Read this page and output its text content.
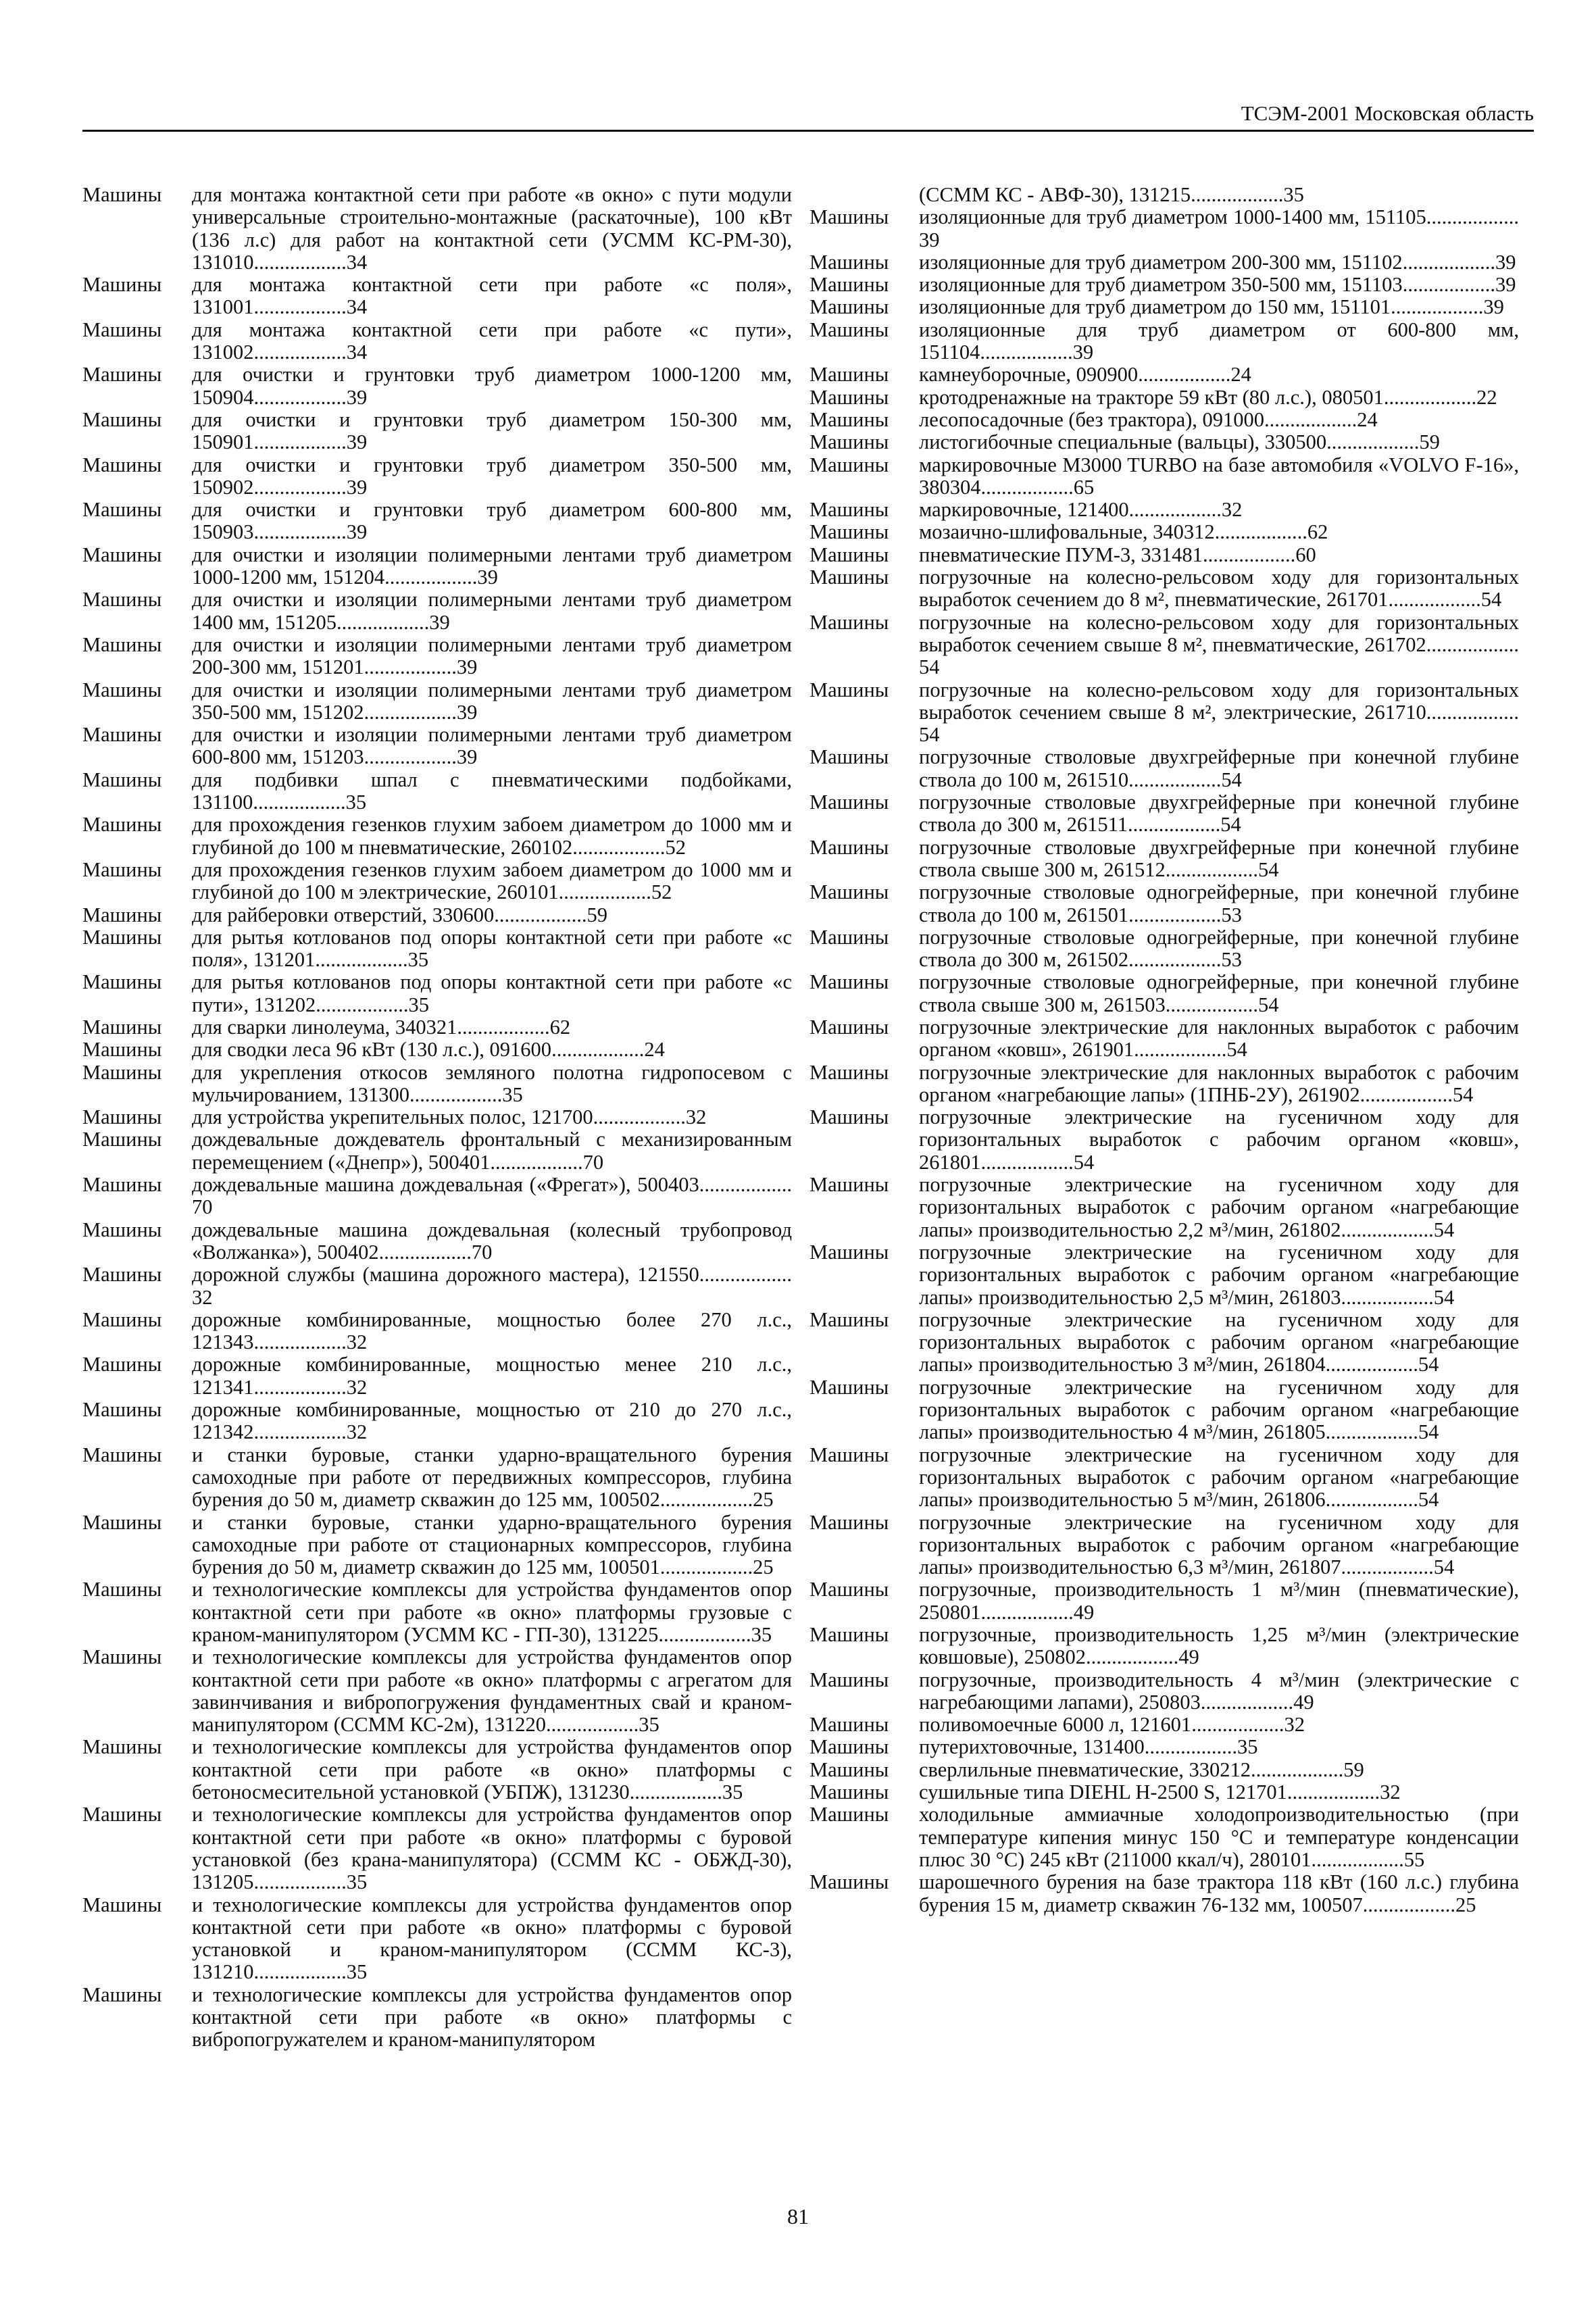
ТСЭМ-2001 Московская область
Машины для монтажа контактной сети при работе «в окно» с пути модули универсальные строительно-монтажные (раскаточные), 100 кВт (136 л.с) для работ на контактной сети (УСММ КС-РМ-30), 131010..................34
Машины для монтажа контактной сети при работе «с поля», 131001..................34
Машины для монтажа контактной сети при работе «с пути», 131002..................34
Машины для очистки и грунтовки труб диаметром 1000-1200 мм, 150904..................39
Машины для очистки и грунтовки труб диаметром 150-300 мм, 150901..................39
Машины для очистки и грунтовки труб диаметром 350-500 мм, 150902..................39
Машины для очистки и грунтовки труб диаметром 600-800 мм, 150903..................39
Машины для очистки и изоляции полимерными лентами труб диаметром 1000-1200 мм, 151204..................39
Машины для очистки и изоляции полимерными лентами труб диаметром 1400 мм, 151205..................39
Машины для очистки и изоляции полимерными лентами труб диаметром 200-300 мм, 151201..................39
Машины для очистки и изоляции полимерными лентами труб диаметром 350-500 мм, 151202..................39
Машины для очистки и изоляции полимерными лентами труб диаметром 600-800 мм, 151203..................39
Машины для подбивки шпал с пневматическими подбойками, 131100..................35
Машины для прохождения гезенков глухим забоем диаметром до 1000 мм и глубиной до 100 м пневматические, 260102..................52
Машины для прохождения гезенков глухим забоем диаметром до 1000 мм и глубиной до 100 м электрические, 260101..................52
Машины для райберовки отверстий, 330600..................59
Машины для рытья котлованов под опоры контактной сети при работе «с поля», 131201..................35
Машины для рытья котлованов под опоры контактной сети при работе «с пути», 131202..................35
Машины для сварки линолеума, 340321..................62
Машины для сводки леса 96 кВт (130 л.с.), 091600..................24
Машины для укрепления откосов земляного полотна гидропосевом с мульчированием, 131300..................35
Машины для устройства укрепительных полос, 121700..................32
Машины дождевальные дождеватель фронтальный с механизированным перемещением («Днепр»), 500401..................70
Машины дождевальные машина дождевальная («Фрегат»), 500403..................70
Машины дождевальные машина дождевальная (колесный трубопровод «Волжанка»), 500402..................70
Машины дорожной службы (машина дорожного мастера), 121550..................32
Машины дорожные комбинированные, мощностью более 270 л.с., 121343..................32
Машины дорожные комбинированные, мощностью менее 210 л.с., 121341..................32
Машины дорожные комбинированные, мощностью от 210 до 270 л.с., 121342..................32
Машины и станки буровые, станки ударно-вращательного бурения самоходные при работе от передвижных компрессоров, глубина бурения до 50 м, диаметр скважин до 125 мм, 100502..................25
Машины и станки буровые, станки ударно-вращательного бурения самоходные при работе от стационарных компрессоров, глубина бурения до 50 м, диаметр скважин до 125 мм, 100501..................25
Машины и технологические комплексы для устройства фундаментов опор контактной сети при работе «в окно» платформы грузовые с краном-манипулятором (УСММ КС - ГП-30), 131225..................35
Машины и технологические комплексы для устройства фундаментов опор контактной сети при работе «в окно» платформы с агрегатом для завинчивания и вибропогружения фундаментных свай и краном-манипулятором (ССММ КС-2м), 131220..................35
Машины и технологические комплексы для устройства фундаментов опор контактной сети при работе «в окно» платформы с бетоносмесительной установкой (УБПЖ), 131230..................35
Машины и технологические комплексы для устройства фундаментов опор контактной сети при работе «в окно» платформы с буровой установкой (без крана-манипулятора) (ССММ КС - ОБЖД-30), 131205..................35
Машины и технологические комплексы для устройства фундаментов опор контактной сети при работе «в окно» платформы с буровой установкой и краном-манипулятором (ССММ КС-3), 131210..................35
Машины и технологические комплексы для устройства фундаментов опор контактной сети при работе «в окно» платформы с вибропогружателем и краном-манипулятором
(ССММ КС - АВФ-30), 131215..................35
Машины изоляционные для труб диаметром 1000-1400 мм, 151105..................39
Машины изоляционные для труб диаметром 200-300 мм, 151102..................39
Машины изоляционные для труб диаметром 350-500 мм, 151103..................39
Машины изоляционные для труб диаметром до 150 мм, 151101..................39
Машины изоляционные для труб диаметром от 600-800 мм, 151104..................39
Машины камнеуборочные, 090900..................24
Машины кротодренажные на тракторе 59 кВт (80 л.с.), 080501..................22
Машины лесопосадочные (без трактора), 091000..................24
Машины листогибочные специальные (вальцы), 330500..................59
Машины маркировочные M3000 TURBO на базе автомобиля «VOLVO F-16», 380304..................65
Машины маркировочные, 121400..................32
Машины мозаично-шлифовальные, 340312..................62
Машины пневматические ПУМ-3, 331481..................60
Машины погрузочные на колесно-рельсовом ходу для горизонтальных выработок сечением до 8 м², пневматические, 261701..................54
Машины погрузочные на колесно-рельсовом ходу для горизонтальных выработок сечением свыше 8 м², пневматические, 261702..................54
Машины погрузочные на колесно-рельсовом ходу для горизонтальных выработок сечением свыше 8 м², электрические, 261710..................54
Машины погрузочные стволовые двухгрейферные при конечной глубине ствола до 100 м, 261510..................54
Машины погрузочные стволовые двухгрейферные при конечной глубине ствола до 300 м, 261511..................54
Машины погрузочные стволовые двухгрейферные при конечной глубине ствола свыше 300 м, 261512..................54
Машины погрузочные стволовые одногрейферные, при конечной глубине ствола до 100 м, 261501..................53
Машины погрузочные стволовые одногрейферные, при конечной глубине ствола до 300 м, 261502..................53
Машины погрузочные стволовые одногрейферные, при конечной глубине ствола свыше 300 м, 261503..................54
Машины погрузочные электрические для наклонных выработок с рабочим органом «ковш», 261901..................54
Машины погрузочные электрические для наклонных выработок с рабочим органом «нагребающие лапы» (1ПНБ-2У), 261902..................54
Машины погрузочные электрические на гусеничном ходу для горизонтальных выработок с рабочим органом «ковш», 261801..................54
Машины погрузочные электрические на гусеничном ходу для горизонтальных выработок с рабочим органом «нагребающие лапы» производительностью 2,2 м³/мин, 261802..................54
Машины погрузочные электрические на гусеничном ходу для горизонтальных выработок с рабочим органом «нагребающие лапы» производительностью 2,5 м³/мин, 261803..................54
Машины погрузочные электрические на гусеничном ходу для горизонтальных выработок с рабочим органом «нагребающие лапы» производительностью 3 м³/мин, 261804..................54
Машины погрузочные электрические на гусеничном ходу для горизонтальных выработок с рабочим органом «нагребающие лапы» производительностью 4 м³/мин, 261805..................54
Машины погрузочные электрические на гусеничном ходу для горизонтальных выработок с рабочим органом «нагребающие лапы» производительностью 5 м³/мин, 261806..................54
Машины погрузочные электрические на гусеничном ходу для горизонтальных выработок с рабочим органом «нагребающие лапы» производительностью 6,3 м³/мин, 261807..................54
Машины погрузочные, производительность 1 м³/мин (пневматические), 250801..................49
Машины погрузочные, производительность 1,25 м³/мин (электрические ковшовые), 250802..................49
Машины погрузочные, производительность 4 м³/мин (электрические с нагребающими лапами), 250803..................49
Машины поливомоечные 6000 л, 121601..................32
Машины путерихтовочные, 131400..................35
Машины сверлильные пневматические, 330212..................59
Машины сушильные типа DIEHL H-2500 S, 121701..................32
Машины холодильные аммиачные холодопроизводительностью (при температуре кипения минус 150 °C и температуре конденсации плюс 30 °C) 245 кВт (211000 ккал/ч), 280101..................55
Машины шарошечного бурения на базе трактора 118 кВт (160 л.с.) глубина бурения 15 м, диаметр скважин 76-132 мм, 100507..................25
81
